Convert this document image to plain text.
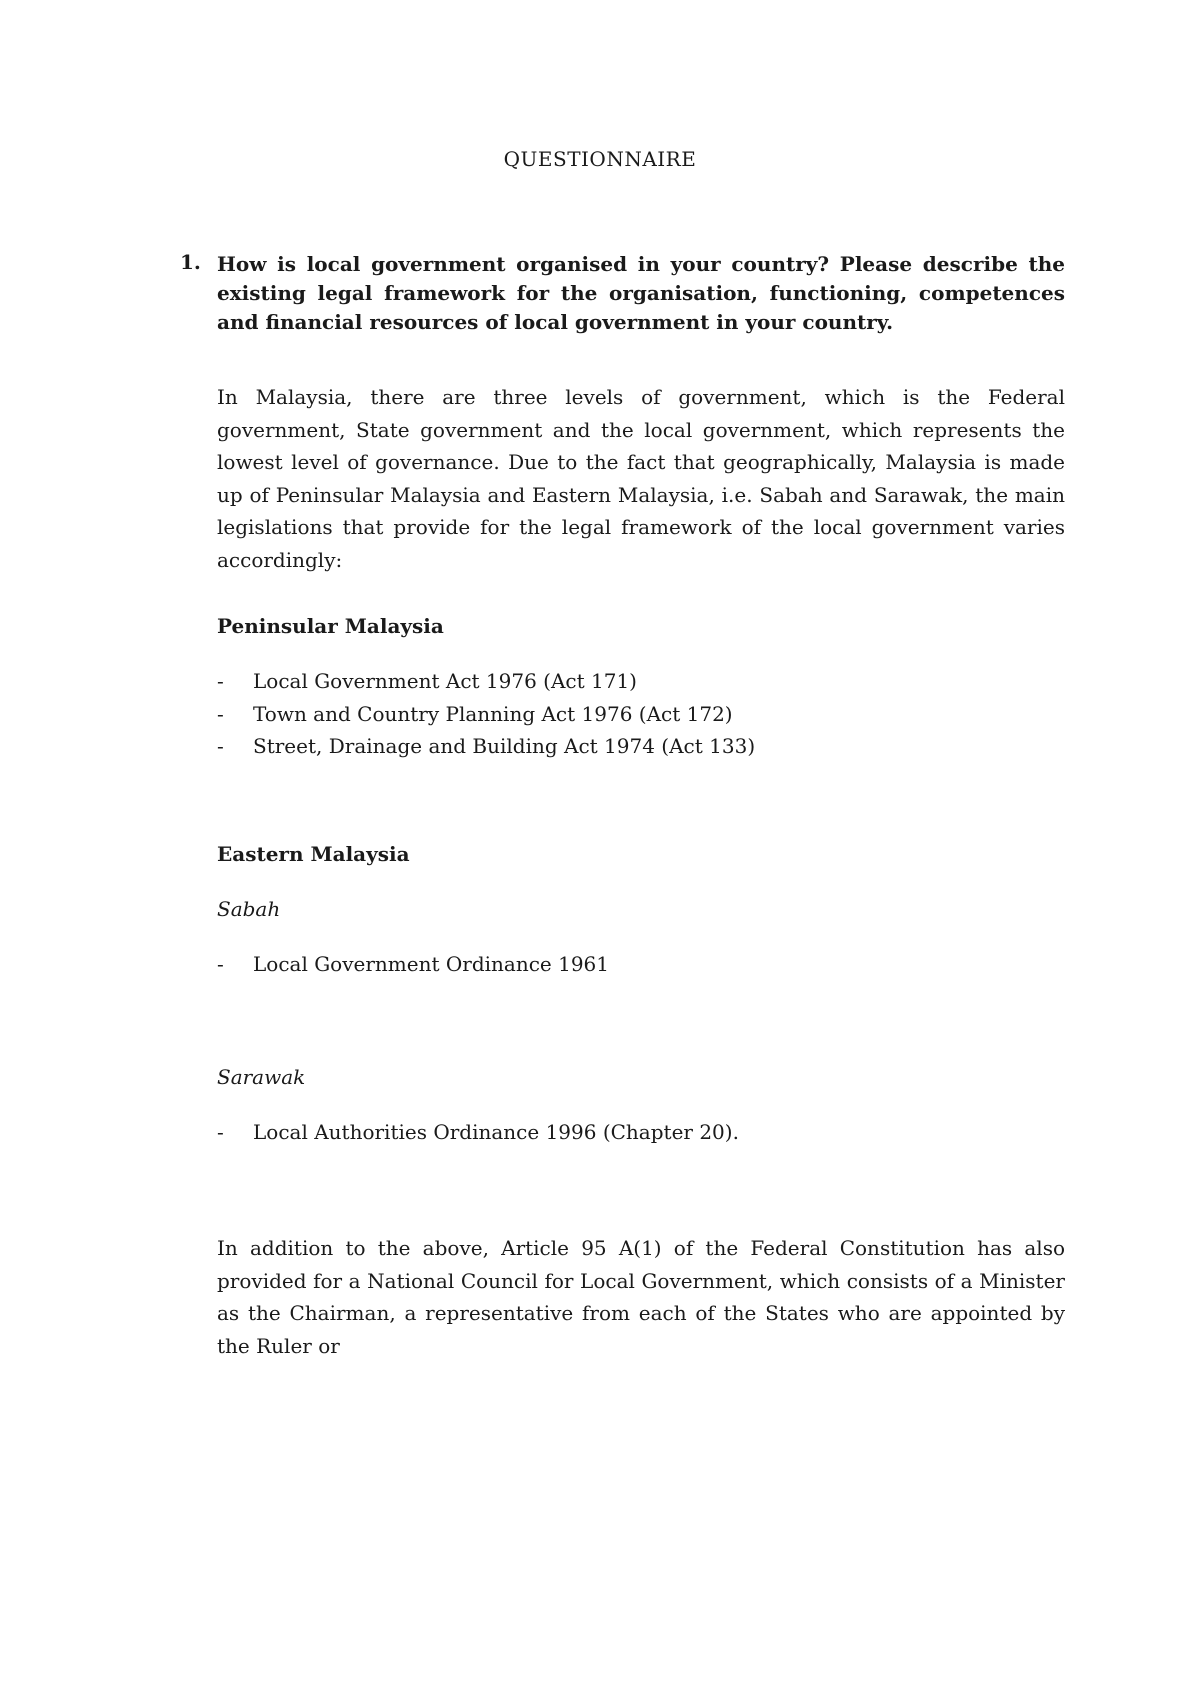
QUESTIONNAIRE
1. How is local government organised in your country? Please describe the existing legal framework for the organisation, functioning, competences and financial resources of local government in your country.
In Malaysia, there are three levels of government, which is the Federal government, State government and the local government, which represents the lowest level of governance. Due to the fact that geographically, Malaysia is made up of Peninsular Malaysia and Eastern Malaysia, i.e. Sabah and Sarawak, the main legislations that provide for the legal framework of the local government varies accordingly:
Peninsular Malaysia
- Local Government Act 1976 (Act 171)
- Town and Country Planning Act 1976 (Act 172)
- Street, Drainage and Building Act 1974 (Act 133)
Eastern Malaysia
Sabah
- Local Government Ordinance 1961
Sarawak
- Local Authorities Ordinance 1996 (Chapter 20).
In addition to the above, Article 95 A(1) of the Federal Constitution has also provided for a National Council for Local Government, which consists of a Minister as the Chairman, a representative from each of the States who are appointed by the Ruler or
